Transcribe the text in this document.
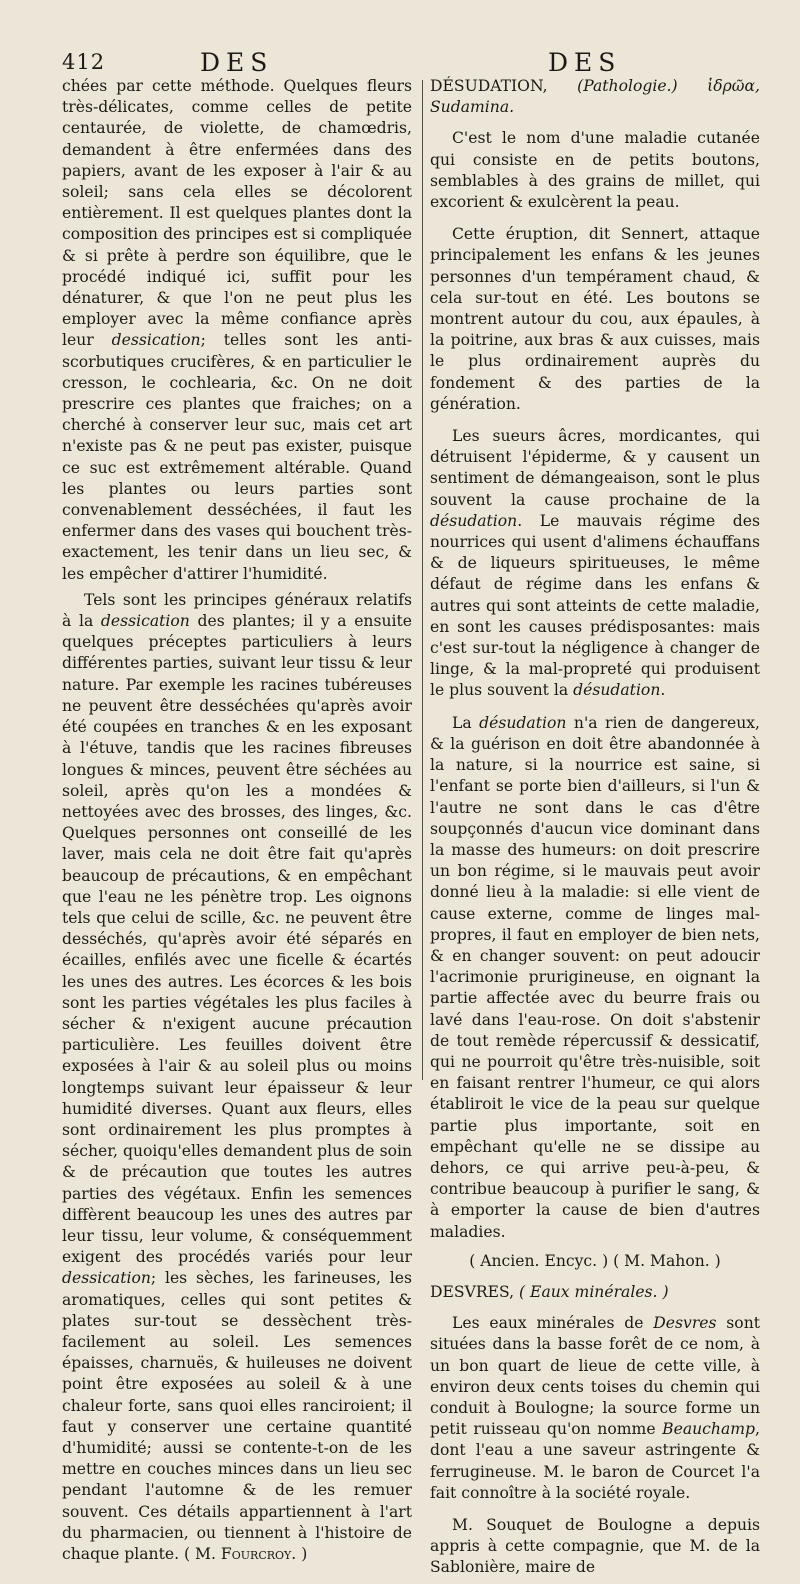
412	DES	DES

chées par cette méthode. Quelques fleurs très-délicates, comme celles de petite centaurée, de violette, de chamœdris, demandent à être enfermées dans des papiers, avant de les exposer à l'air & au soleil; sans cela elles se décolorent entièrement. Il est quelques plantes dont la composition des principes est si compliquée & si prête à perdre son équilibre, que le procédé indiqué ici, suffit pour les dénaturer, & que l'on ne peut plus les employer avec la même confiance après leur dessication; telles sont les anti-scorbutiques crucifères, & en particulier le cresson, le cochlearia, &c. On ne doit prescrire ces plantes que fraiches; on a cherché à conserver leur suc, mais cet art n'existe pas & ne peut pas exister, puisque ce suc est extrêmement altérable. Quand les plantes ou leurs parties sont convenablement desséchées, il faut les enfermer dans des vases qui bouchent très-exactement, les tenir dans un lieu sec, & les empêcher d'attirer l'humidité.

Tels sont les principes généraux relatifs à la dessication des plantes; il y a ensuite quelques préceptes particuliers à leurs différentes parties, suivant leur tissu & leur nature. Par exemple les racines tubéreuses ne peuvent être desséchées qu'après avoir été coupées en tranches & en les exposant à l'étuve, tandis que les racines fibreuses longues & minces, peuvent être séchées au soleil, après qu'on les a mondées & nettoyées avec des brosses, des linges, &c. Quelques personnes ont conseillé de les laver, mais cela ne doit être fait qu'après beaucoup de précautions, & en empêchant que l'eau ne les pénètre trop. Les oignons tels que celui de scille, &c. ne peuvent être desséchés, qu'après avoir été séparés en écailles, enfilés avec une ficelle & écartés les unes des autres. Les écorces & les bois sont les parties végétales les plus faciles à sécher & n'exigent aucune précaution particulière. Les feuilles doivent être exposées à l'air & au soleil plus ou moins longtemps suivant leur épaisseur & leur humidité diverses. Quant aux fleurs, elles sont ordinairement les plus promptes à sécher, quoiqu'elles demandent plus de soin & de précaution que toutes les autres parties des végétaux. Enfin les semences diffèrent beaucoup les unes des autres par leur tissu, leur volume, & conséquemment exigent des procédés variés pour leur dessication; les sèches, les farineuses, les aromatiques, celles qui sont petites & plates sur-tout se dessèchent très-facilement au soleil. Les semences épaisses, charnuës, & huileuses ne doivent point être exposées au soleil & à une chaleur forte, sans quoi elles ranciroient; il faut y conserver une certaine quantité d'humidité; aussi se contente-t-on de les mettre en couches minces dans un lieu sec pendant l'automne & de les remuer souvent. Ces détails appartiennent à l'art du pharmacien, ou tiennent à l'histoire de chaque plante. ( M. Fourcroy. )

DÉSUDATION, (Pathologie.) ἱδρῶα, Sudamina.

C'est le nom d'une maladie cutanée qui consiste en de petits boutons, semblables à des grains de millet, qui excorient & exulcèrent la peau.

Cette éruption, dit Sennert, attaque principalement les enfans & les jeunes personnes d'un tempérament chaud, & cela sur-tout en été. Les boutons se montrent autour du cou, aux épaules, à la poitrine, aux bras & aux cuisses, mais le plus ordinairement auprès du fondement & des parties de la génération.

Les sueurs âcres, mordicantes, qui détruisent l'épiderme, & y causent un sentiment de démangeaison, sont le plus souvent la cause prochaine de la désudation. Le mauvais régime des nourrices qui usent d'alimens échauffans & de liqueurs spiritueuses, le même défaut de régime dans les enfans & autres qui sont atteints de cette maladie, en sont les causes prédisposantes: mais c'est sur-tout la négligence à changer de linge, & la mal-propreté qui produisent le plus souvent la désudation.

La désudation n'a rien de dangereux, & la guérison en doit être abandonnée à la nature, si la nourrice est saine, si l'enfant se porte bien d'ailleurs, si l'un & l'autre ne sont dans le cas d'être soupçonnés d'aucun vice dominant dans la masse des humeurs: on doit prescrire un bon régime, si le mauvais peut avoir donné lieu à la maladie: si elle vient de cause externe, comme de linges mal-propres, il faut en employer de bien nets, & en changer souvent: on peut adoucir l'acrimonie prurigineuse, en oignant la partie affectée avec du beurre frais ou lavé dans l'eau-rose. On doit s'abstenir de tout remède répercussif & dessicatif, qui ne pourroit qu'être très-nuisible, soit en faisant rentrer l'humeur, ce qui alors établiroit le vice de la peau sur quelque partie plus importante, soit en empêchant qu'elle ne se dissipe au dehors, ce qui arrive peu-à-peu, & contribue beaucoup à purifier le sang, & à emporter la cause de bien d'autres maladies.

( Ancien. Encyc. ) ( M. Mahon. )

DESVRES, ( Eaux minérales. )

Les eaux minérales de Desvres sont situées dans la basse forêt de ce nom, à un bon quart de lieue de cette ville, à environ deux cents toises du chemin qui conduit à Boulogne; la source forme un petit ruisseau qu'on nomme Beauchamp, dont l'eau a une saveur astringente & ferrugineuse. M. le baron de Courcet l'a fait connoître à la société royale.

M. Souquet de Boulogne a depuis appris à cette compagnie, que M. de la Sablonière, maire de
